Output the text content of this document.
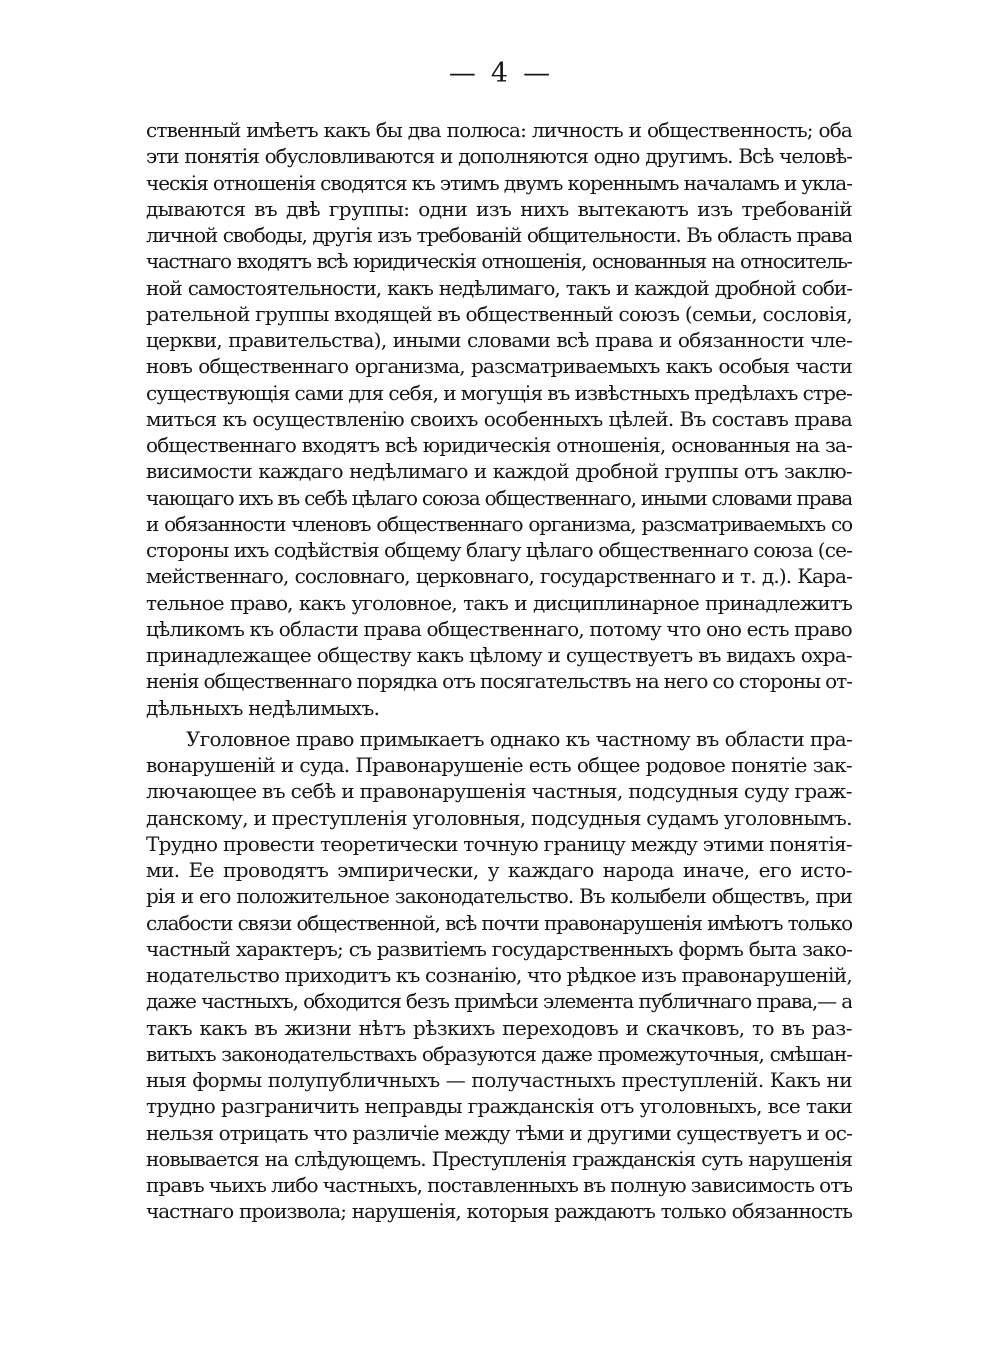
— 4 —
ственный имѣетъ какъ бы два полюса: личность и общественность; оба
эти понятія обусловливаются и дополняются одно другимъ. Всѣ человѣ-
ческія отношенія сводятся къ этимъ двумъ кореннымъ началамъ и укла-
дываются въ двѣ группы: одни изъ нихъ вытекаютъ изъ требованій
личной свободы, другія изъ требованій общительности. Въ область права
частнаго входятъ всѣ юридическія отношенія, основанныя на относитель-
ной самостоятельности, какъ недѣлимаго, такъ и каждой дробной соби-
рательной группы входящей въ общественный союзъ (семьи, сословія,
церкви, правительства), иными словами всѣ права и обязанности чле-
новъ общественнаго организма, разсматриваемыхъ какъ особыя части
существующія сами для себя, и могущія въ извѣстныхъ предѣлахъ стре-
миться къ осуществленію своихъ особенныхъ цѣлей. Въ составъ права
общественнаго входятъ всѣ юридическія отношенія, основанныя на за-
висимости каждаго недѣлимаго и каждой дробной группы отъ заклю-
чающаго ихъ въ себѣ цѣлаго союза общественнаго, иными словами права
и обязанности членовъ общественнаго организма, разсматриваемыхъ со
стороны ихъ содѣйствія общему благу цѣлаго общественнаго союза (се-
мейственнаго, сословнаго, церковнаго, государственнаго и т. д.). Кара-
тельное право, какъ уголовное, такъ и дисциплинарное принадлежитъ
цѣликомъ къ области права общественнаго, потому что оно есть право
принадлежащее обществу какъ цѣлому и существуетъ въ видахъ охра-
ненія общественнаго порядка отъ посягательствъ на него со стороны от-
дѣльныхъ недѣлимыхъ.
Уголовное право примыкаетъ однако къ частному въ области пра-
вонарушеній и суда. Правонарушеніе есть общее родовое понятіе зак-
лючающее въ себѣ и правонарушенія частныя, подсудныя суду граж-
данскому, и преступленія уголовныя, подсудныя судамъ уголовнымъ.
Трудно провести теоретически точную границу между этими понятія-
ми. Ее проводятъ эмпирически, у каждаго народа иначе, его исто-
рія и его положительное законодательство. Въ колыбели обществъ, при
слабости связи общественной, всѣ почти правонарушенія имѣютъ только
частный характеръ; съ развитіемъ государственныхъ формъ быта зако-
нодательство приходитъ къ сознанію, что рѣдкое изъ правонарушеній,
даже частныхъ, обходится безъ примѣси элемента публичнаго права,— а
такъ какъ въ жизни нѣтъ рѣзкихъ переходовъ и скачковъ, то въ раз-
витыхъ законодательствахъ образуются даже промежуточныя, смѣшан-
ныя формы полупубличныхъ — получастныхъ преступленій. Какъ ни
трудно разграничить неправды гражданскія отъ уголовныхъ, все таки
нельзя отрицать что различіе между тѣми и другими существуетъ и ос-
новывается на слѣдующемъ. Преступленія гражданскія суть нарушенія
правъ чьихъ либо частныхъ, поставленныхъ въ полную зависимость отъ
частнаго произвола; нарушенія, которыя раждаютъ только обязанность
